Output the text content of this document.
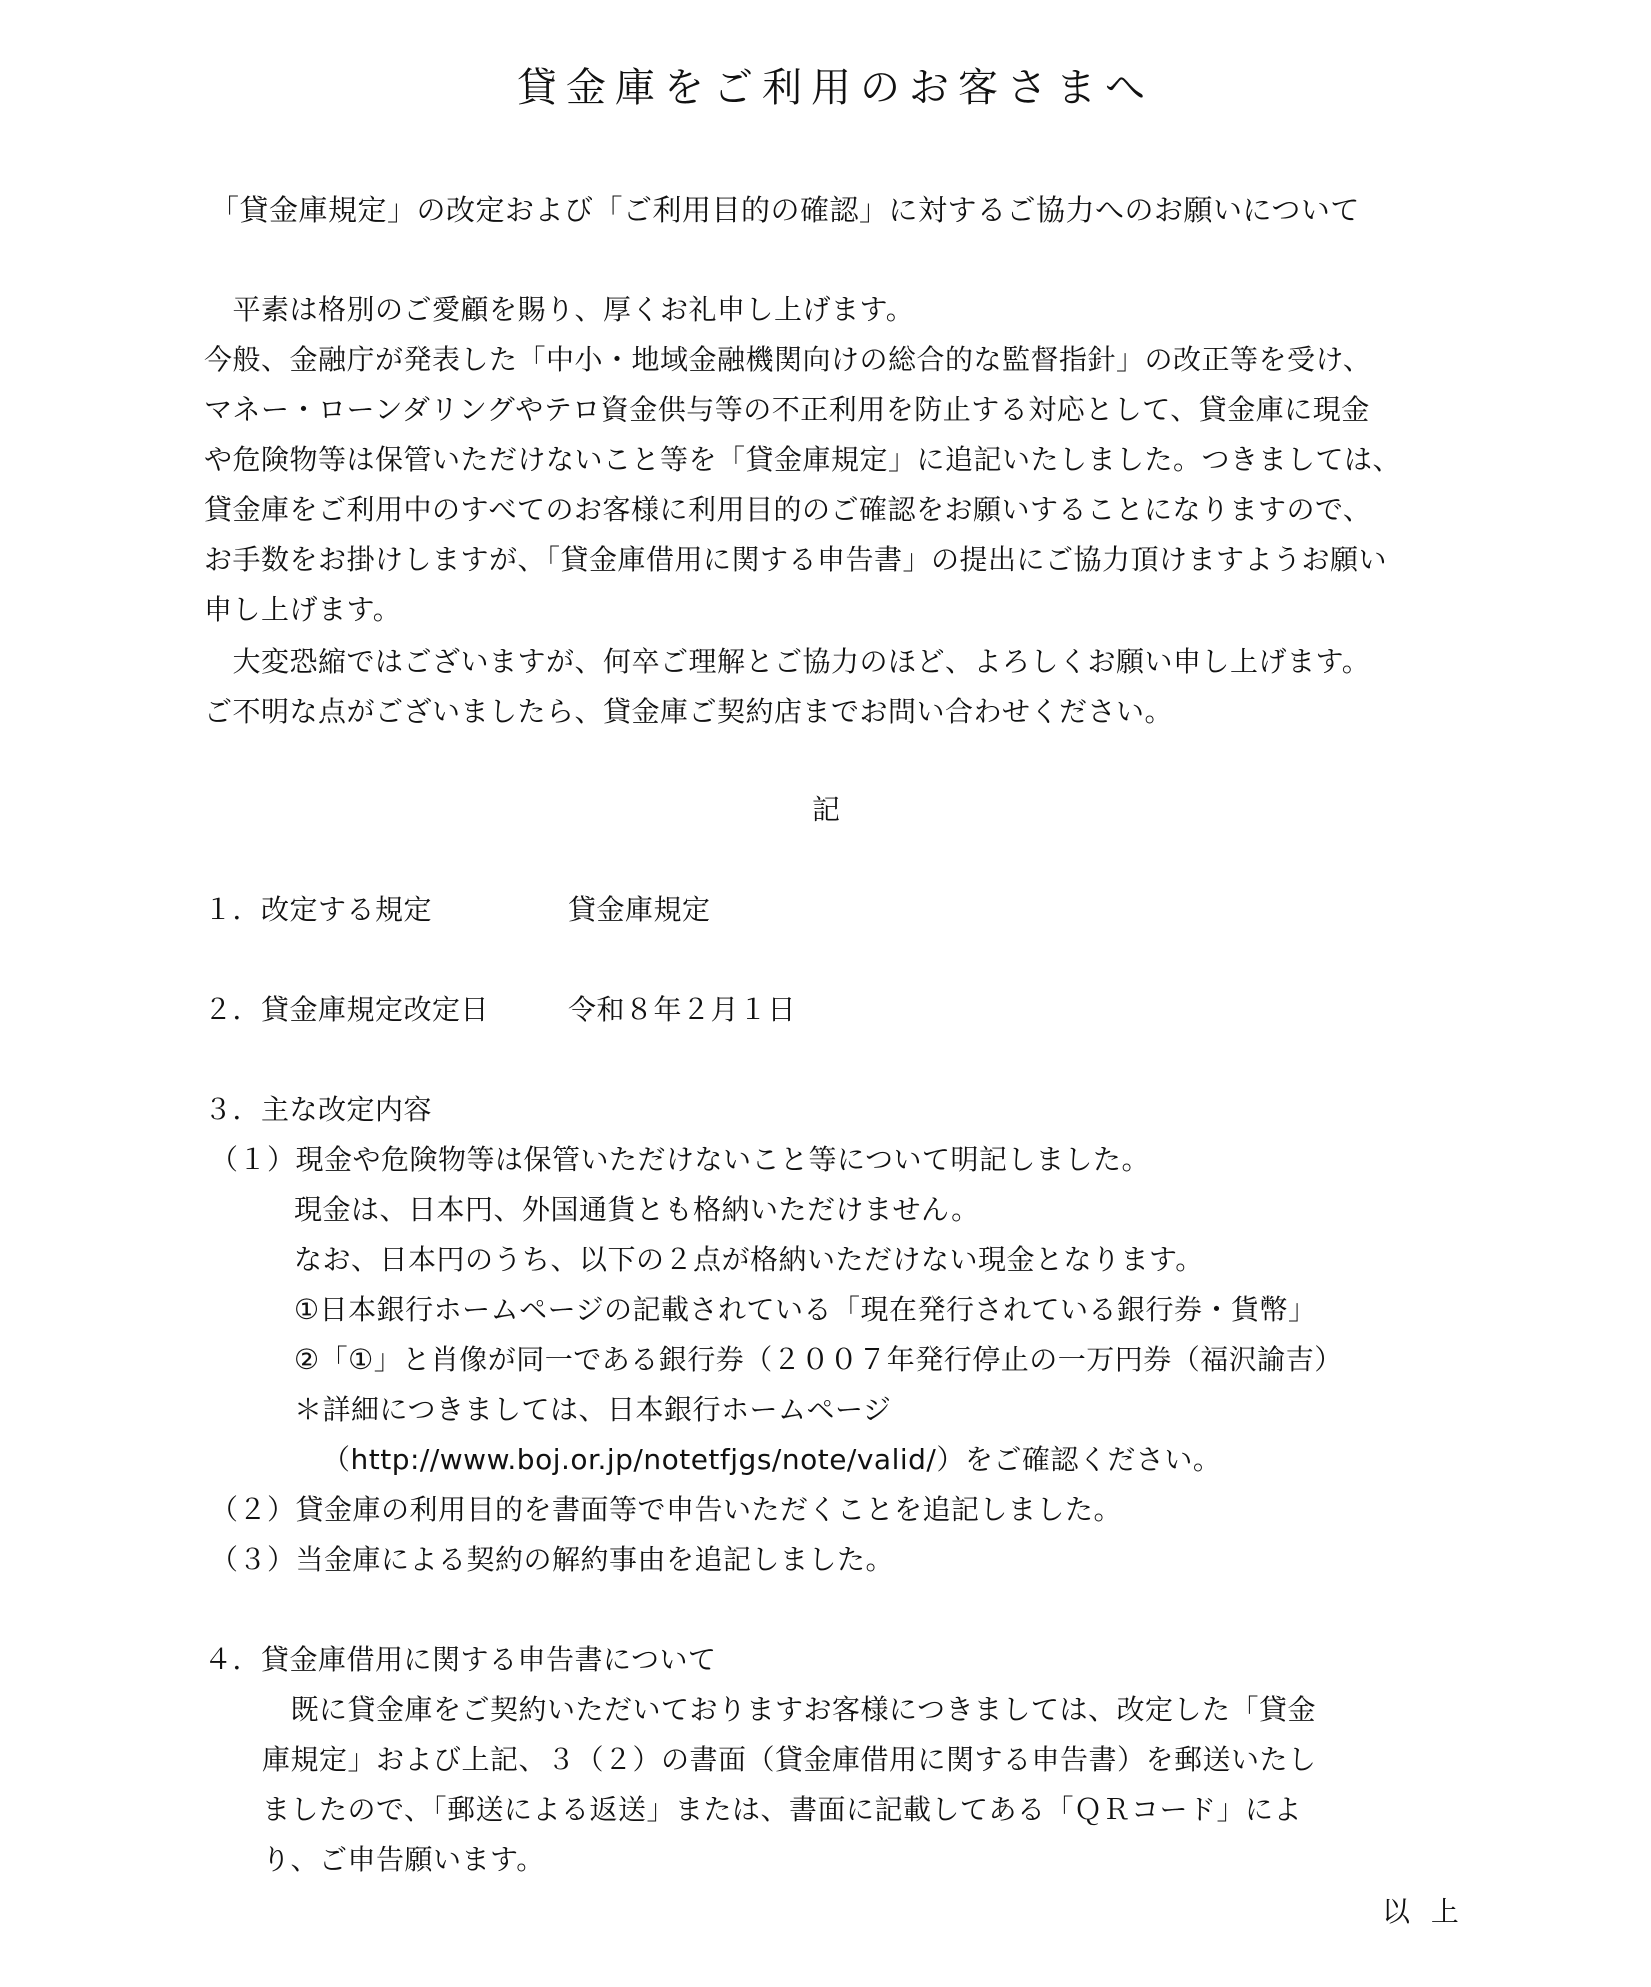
貸金庫をご利用のお客さまへ
「貸金庫規定」の改定および「ご利用目的の確認」に対するご協力へのお願いについて
　平素は格別のご愛顧を賜り、厚くお礼申し上げます。
今般、金融庁が発表した「中小・地域金融機関向けの総合的な監督指針」の改正等を受け、
マネー・ローンダリングやテロ資金供与等の不正利用を防止する対応として、貸金庫に現金
や危険物等は保管いただけないこと等を「貸金庫規定」に追記いたしました。つきましては、
貸金庫をご利用中のすべてのお客様に利用目的のご確認をお願いすることになりますので、
お手数をお掛けしますが、「貸金庫借用に関する申告書」の提出にご協力頂けますようお願い
申し上げます。
　大変恐縮ではございますが、何卒ご理解とご協力のほど、よろしくお願い申し上げます。
ご不明な点がございましたら、貸金庫ご契約店までお問い合わせください。
記
１．改定する規定	貸金庫規定
２．貸金庫規定改定日	令和８年２月１日
３．主な改定内容
（１）現金や危険物等は保管いただけないこと等について明記しました。
現金は、日本円、外国通貨とも格納いただけません。
なお、日本円のうち、以下の２点が格納いただけない現金となります。
①日本銀行ホームページの記載されている「現在発行されている銀行券・貨幣」
②「①」と肖像が同一である銀行券（２００７年発行停止の一万円券（福沢諭吉）
＊詳細につきましては、日本銀行ホームページ
（http://www.boj.or.jp/notetfjgs/note/valid/）をご確認ください。
（２）貸金庫の利用目的を書面等で申告いただくことを追記しました。
（３）当金庫による契約の解約事由を追記しました。
４．貸金庫借用に関する申告書について
　既に貸金庫をご契約いただいておりますお客様につきましては、改定した「貸金
庫規定」および上記、３（２）の書面（貸金庫借用に関する申告書）を郵送いたし
ましたので、「郵送による返送」または、書面に記載してある「ＱＲコード」によ
り、ご申告願います。
以 上
